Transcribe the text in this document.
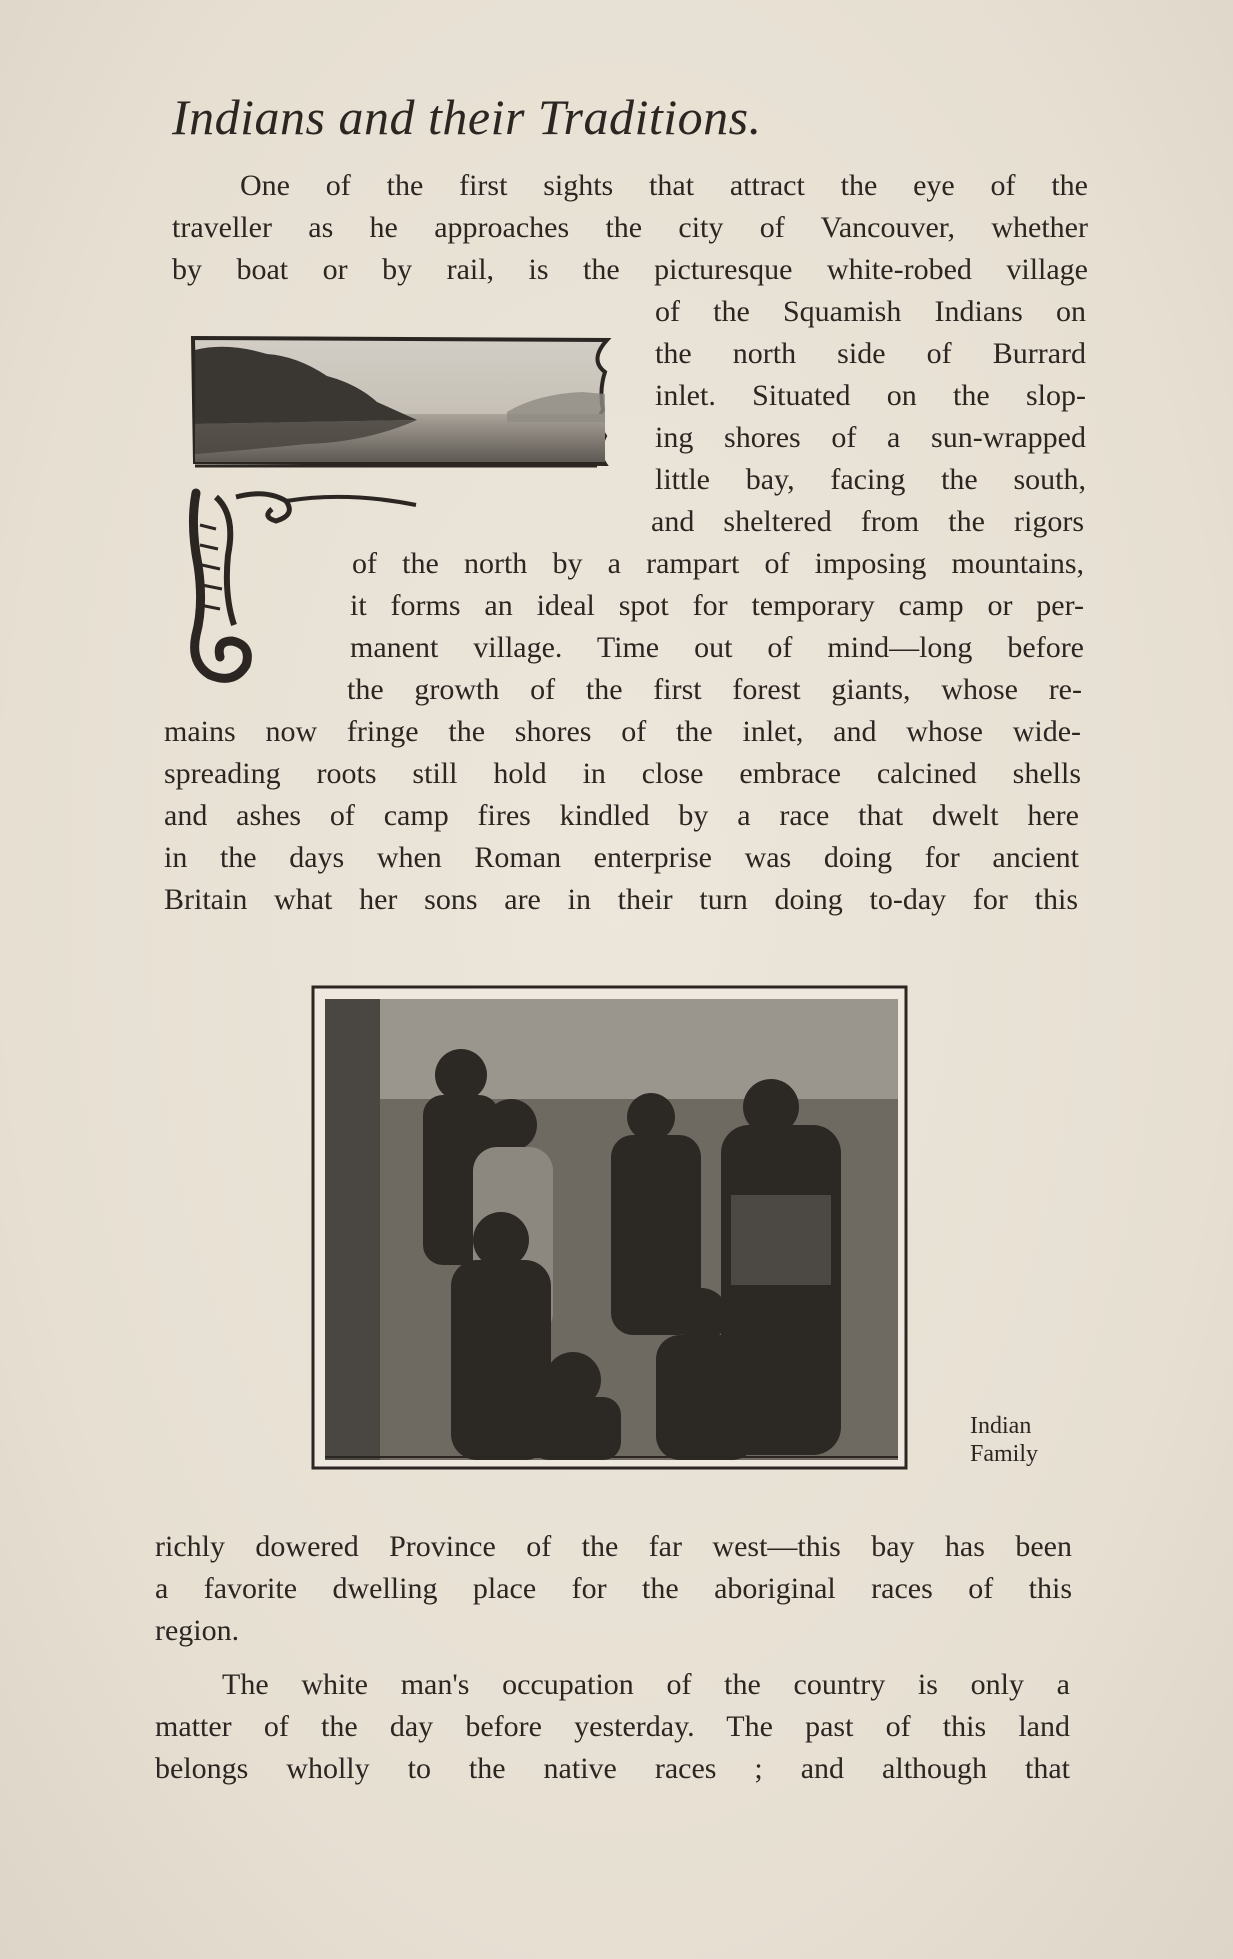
Indians and their Traditions.
One of the first sights that attract the eye of the
traveller as he approaches the city of Vancouver, whether
by boat or by rail, is the picturesque white-robed village
of the Squamish Indians on
the north side of Burrard
inlet. Situated on the slop-
ing shores of a sun-wrapped
little bay, facing the south,
and sheltered from the rigors
of the north by a rampart of imposing mountains,
it forms an ideal spot for temporary camp or per-
manent village. Time out of mind—long before
the growth of the first forest giants, whose re-
mains now fringe the shores of the inlet, and whose wide-
spreading roots still hold in close embrace calcined shells
and ashes of camp fires kindled by a race that dwelt here
in the days when Roman enterprise was doing for ancient
Britain what her sons are in their turn doing to-day for this
Indian
Family
richly dowered Province of the far west—this bay has been
a favorite dwelling place for the aboriginal races of this
region.
The white man's occupation of the country is only a
matter of the day before yesterday. The past of this land
belongs wholly to the native races ; and although that
